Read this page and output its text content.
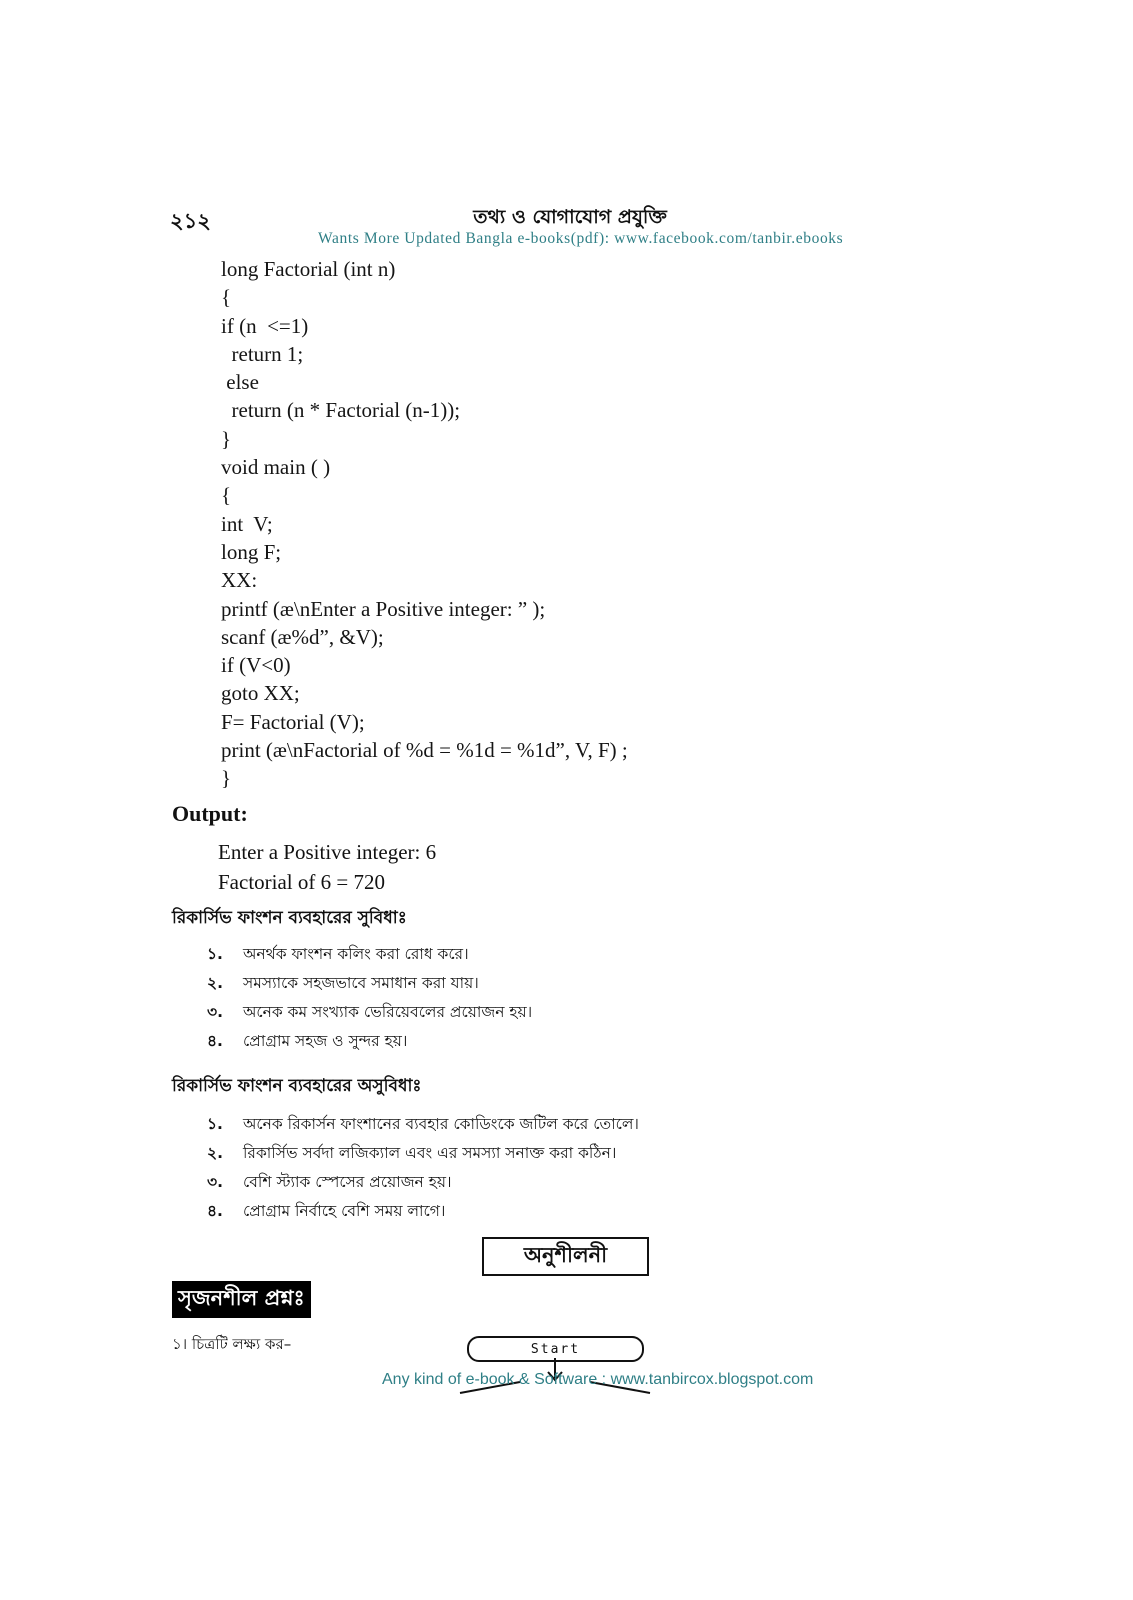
২১২	তথ্য ও যোগাযোগ প্রযুক্তি
Wants More Updated Bangla e-books(pdf): www.facebook.com/tanbir.ebooks
long Factorial (int n)
{
if (n  <=1)
return 1;
else
return (n * Factorial (n-1));
}
void main ( )
{
int  V;
long F;
XX:
printf (æ\nEnter a Positive integer: ” );
scanf (æ%d”, &V);
if (V<0)
goto XX;
F= Factorial (V);
print (æ\nFactorial of %d = %1d = %1d”, V, F) ;
}
Output:
Enter a Positive integer: 6
Factorial of 6 = 720
রিকার্সিভ ফাংশন ব্যবহারের সুবিধাঃ
১.	অনর্থক ফাংশন কলিং করা রোধ করে।
২.	সমস্যাকে সহজভাবে সমাধান করা যায়।
৩.	অনেক কম সংখ্যাক ভেরিয়েবলের প্রয়োজন হয়।
৪.	প্রোগ্রাম সহজ ও সুন্দর হয়।
রিকার্সিভ ফাংশন ব্যবহারের অসুবিধাঃ
১.	অনেক রিকার্সন ফাংশানের ব্যবহার কোডিংকে জটিল করে তোলে।
২.	রিকার্সিভ সর্বদা লজিক্যাল এবং এর সমস্যা সনাক্ত করা কঠিন।
৩.	বেশি স্ট্যাক স্পেসের প্রয়োজন হয়।
৪.	প্রোগ্রাম নির্বাহে বেশি সময় লাগে।
অনুশীলনী
সৃজনশীল প্রশ্নঃ
১। চিত্রটি লক্ষ্য কর–	Start
Any kind of e-book & Software : www.tanbircox.blogspot.com
